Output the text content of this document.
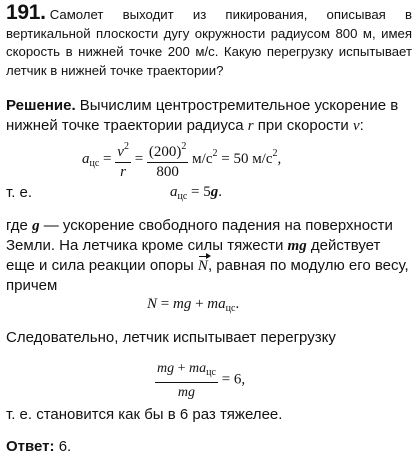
191. Самолет выходит из пикирования, описывая в вертикальной плоскости дугу окружности радиусом 800 м, имея скорость в нижней точке 200 м/с. Какую перегрузку испытывает летчик в нижней точке траектории?
Решение. Вычислим центростремительное ускорение в нижней точке траектории радиуса r при скорости v:
$a_{цс} = \frac{v^2}{r} = \frac{(200)^2}{800} м/с^2 = 50$ $м/с^2$,
т. е.	$a_{цс} = 5g$.
где g — ускорение свободного падения на поверхности Земли. На летчика кроме силы тяжести mg действует еще и сила реакции опоры N, равная по модулю его весу, причем
N = mg + $ma_{цс}$.
Следовательно, летчик испытывает перегрузку
$\frac{mg + ma_{цс}}{mg} = 6$,
т. е. становится как бы в 6 раз тяжелее.
Ответ: 6.
